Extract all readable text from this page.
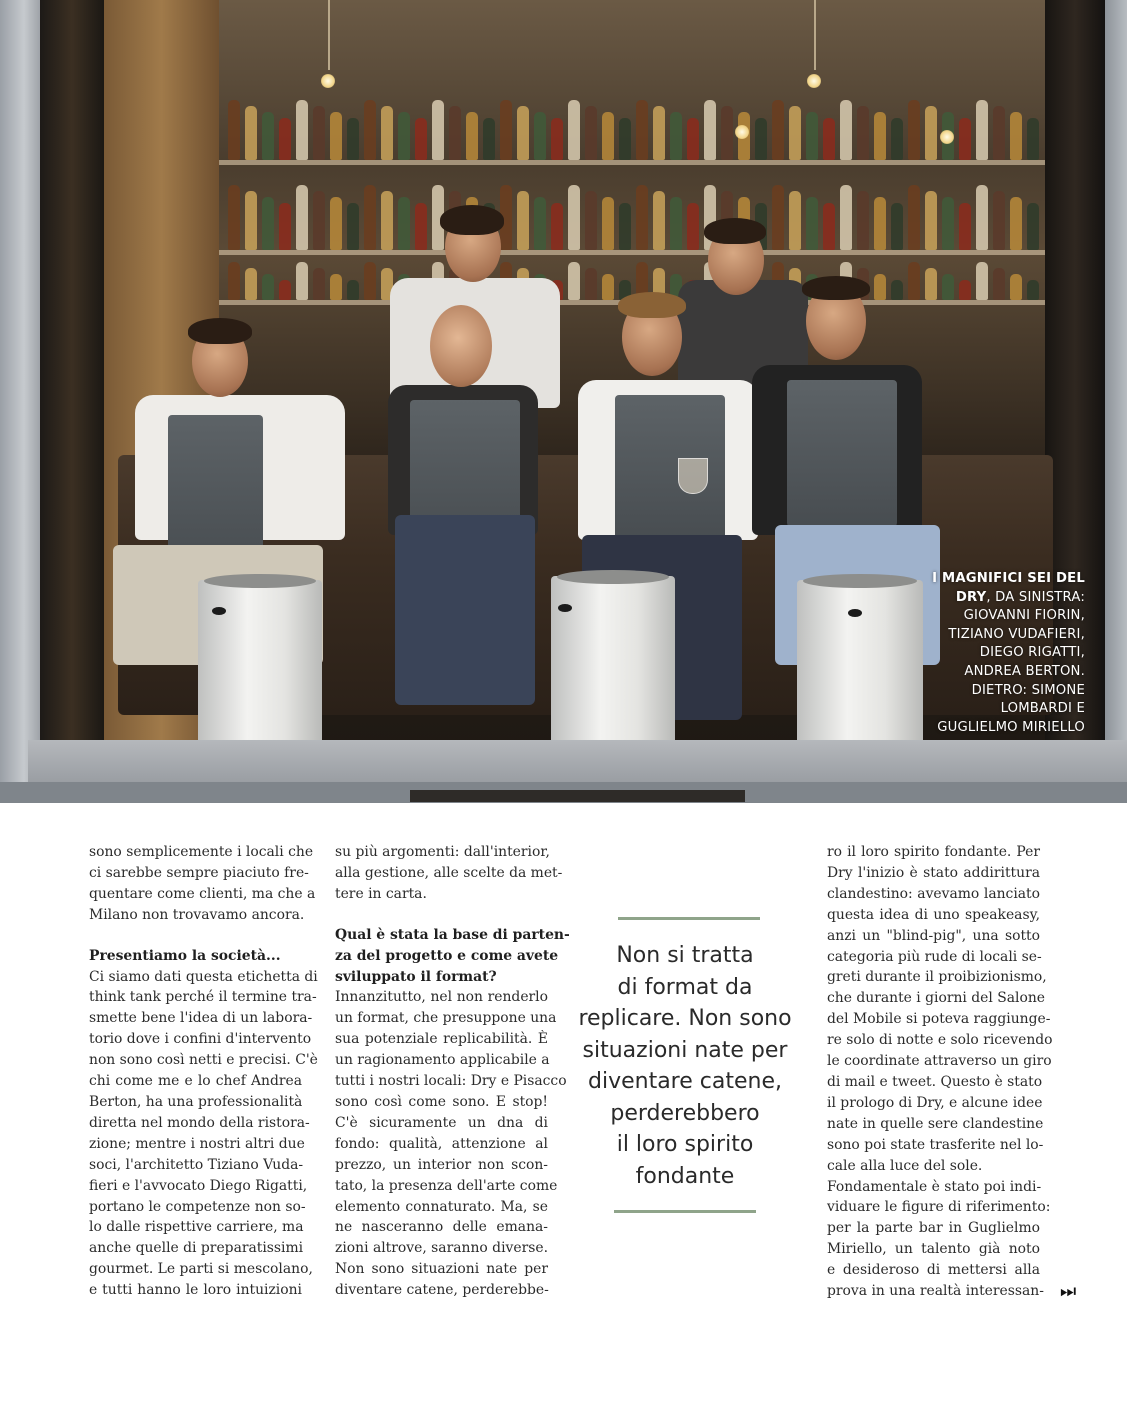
I MAGNIFICI SEI DEL
DRY, DA SINISTRA:
GIOVANNI FIORIN,
TIZIANO VUDAFIERI,
DIEGO RIGATTI,
ANDREA BERTON.
DIETRO: SIMONE
LOMBARDI E
GUGLIELMO MIRIELLO
sono semplicemente i locali che
ci sarebbe sempre piaciuto fre-
quentare come clienti, ma che a
Milano non trovavamo ancora.
Presentiamo la società...
Ci siamo dati questa etichetta di
think tank perché il termine tra-
smette bene l'idea di un labora-
torio dove i confini d'intervento
non sono così netti e precisi. C'è
chi come me e lo chef Andrea
Berton, ha una professionalità
diretta nel mondo della ristora-
zione; mentre i nostri altri due
soci, l'architetto Tiziano Vuda-
fieri e l'avvocato Diego Rigatti,
portano le competenze non so-
lo dalle rispettive carriere, ma
anche quelle di preparatissimi
gourmet. Le parti si mescolano,
e tutti hanno le loro intuizioni
su più argomenti: dall'interior,
alla gestione, alle scelte da met-
tere in carta.
Qual è stata la base di parten-
za del progetto e come avete
sviluppato il format?
Innanzitutto, nel non renderlo
un format, che presuppone una
sua potenziale replicabilità. È
un ragionamento applicabile a
tutti i nostri locali: Dry e Pisacco
sono così come sono. E stop!
C'è sicuramente un dna di
fondo: qualità, attenzione al
prezzo, un interior non scon-
tato, la presenza dell'arte come
elemento connaturato. Ma, se
ne nasceranno delle emana-
zioni altrove, saranno diverse.
Non sono situazioni nate per
diventare catene, perderebbe-
Non si tratta
di format da
replicare. Non sono
situazioni nate per
diventare catene,
perderebbero
il loro spirito
fondante
ro il loro spirito fondante. Per
Dry l'inizio è stato addirittura
clandestino: avevamo lanciato
questa idea di uno speakeasy,
anzi un "blind-pig", una sotto
categoria più rude di locali se-
greti durante il proibizionismo,
che durante i giorni del Salone
del Mobile si poteva raggiunge-
re solo di notte e solo ricevendo
le coordinate attraverso un giro
di mail e tweet. Questo è stato
il prologo di Dry, e alcune idee
nate in quelle sere clandestine
sono poi state trasferite nel lo-
cale alla luce del sole.
Fondamentale è stato poi indi-
viduare le figure di riferimento:
per la parte bar in Guglielmo
Miriello, un talento già noto
e desideroso di mettersi alla
prova in una realtà interessan- ⏭
